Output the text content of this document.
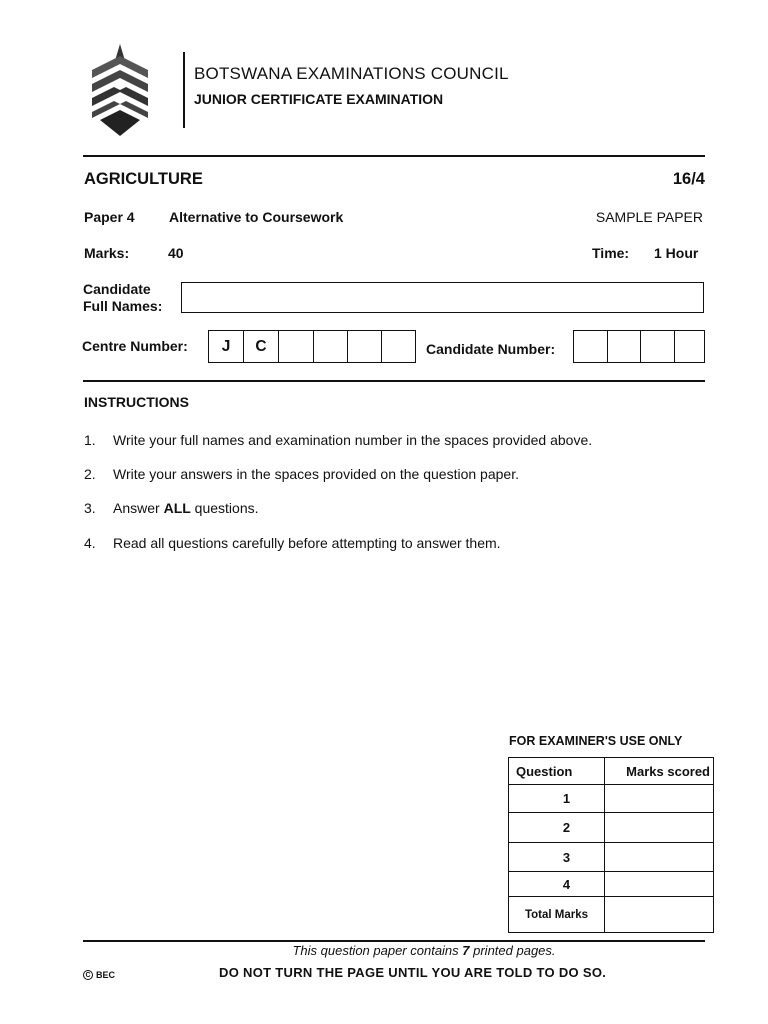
BOTSWANA EXAMINATIONS COUNCIL
JUNIOR CERTIFICATE EXAMINATION
AGRICULTURE	16/4
Paper 4 Alternative to Coursework	SAMPLE PAPER
Marks:	40	Time: 1 Hour
Candidate
Full Names:
Centre Number:	J	C	Candidate Number:
INSTRUCTIONS
1. Write your full names and examination number in the spaces provided above.
2. Write your answers in the spaces provided on the question paper.
3. Answer ALL questions.
4. Read all questions carefully before attempting to answer them.
FOR EXAMINER'S USE ONLY
Question	Marks scored
1	
2	
3	
4	
Total Marks	
This question paper contains 7 printed pages.
C BEC	DO NOT TURN THE PAGE UNTIL YOU ARE TOLD TO DO SO.
